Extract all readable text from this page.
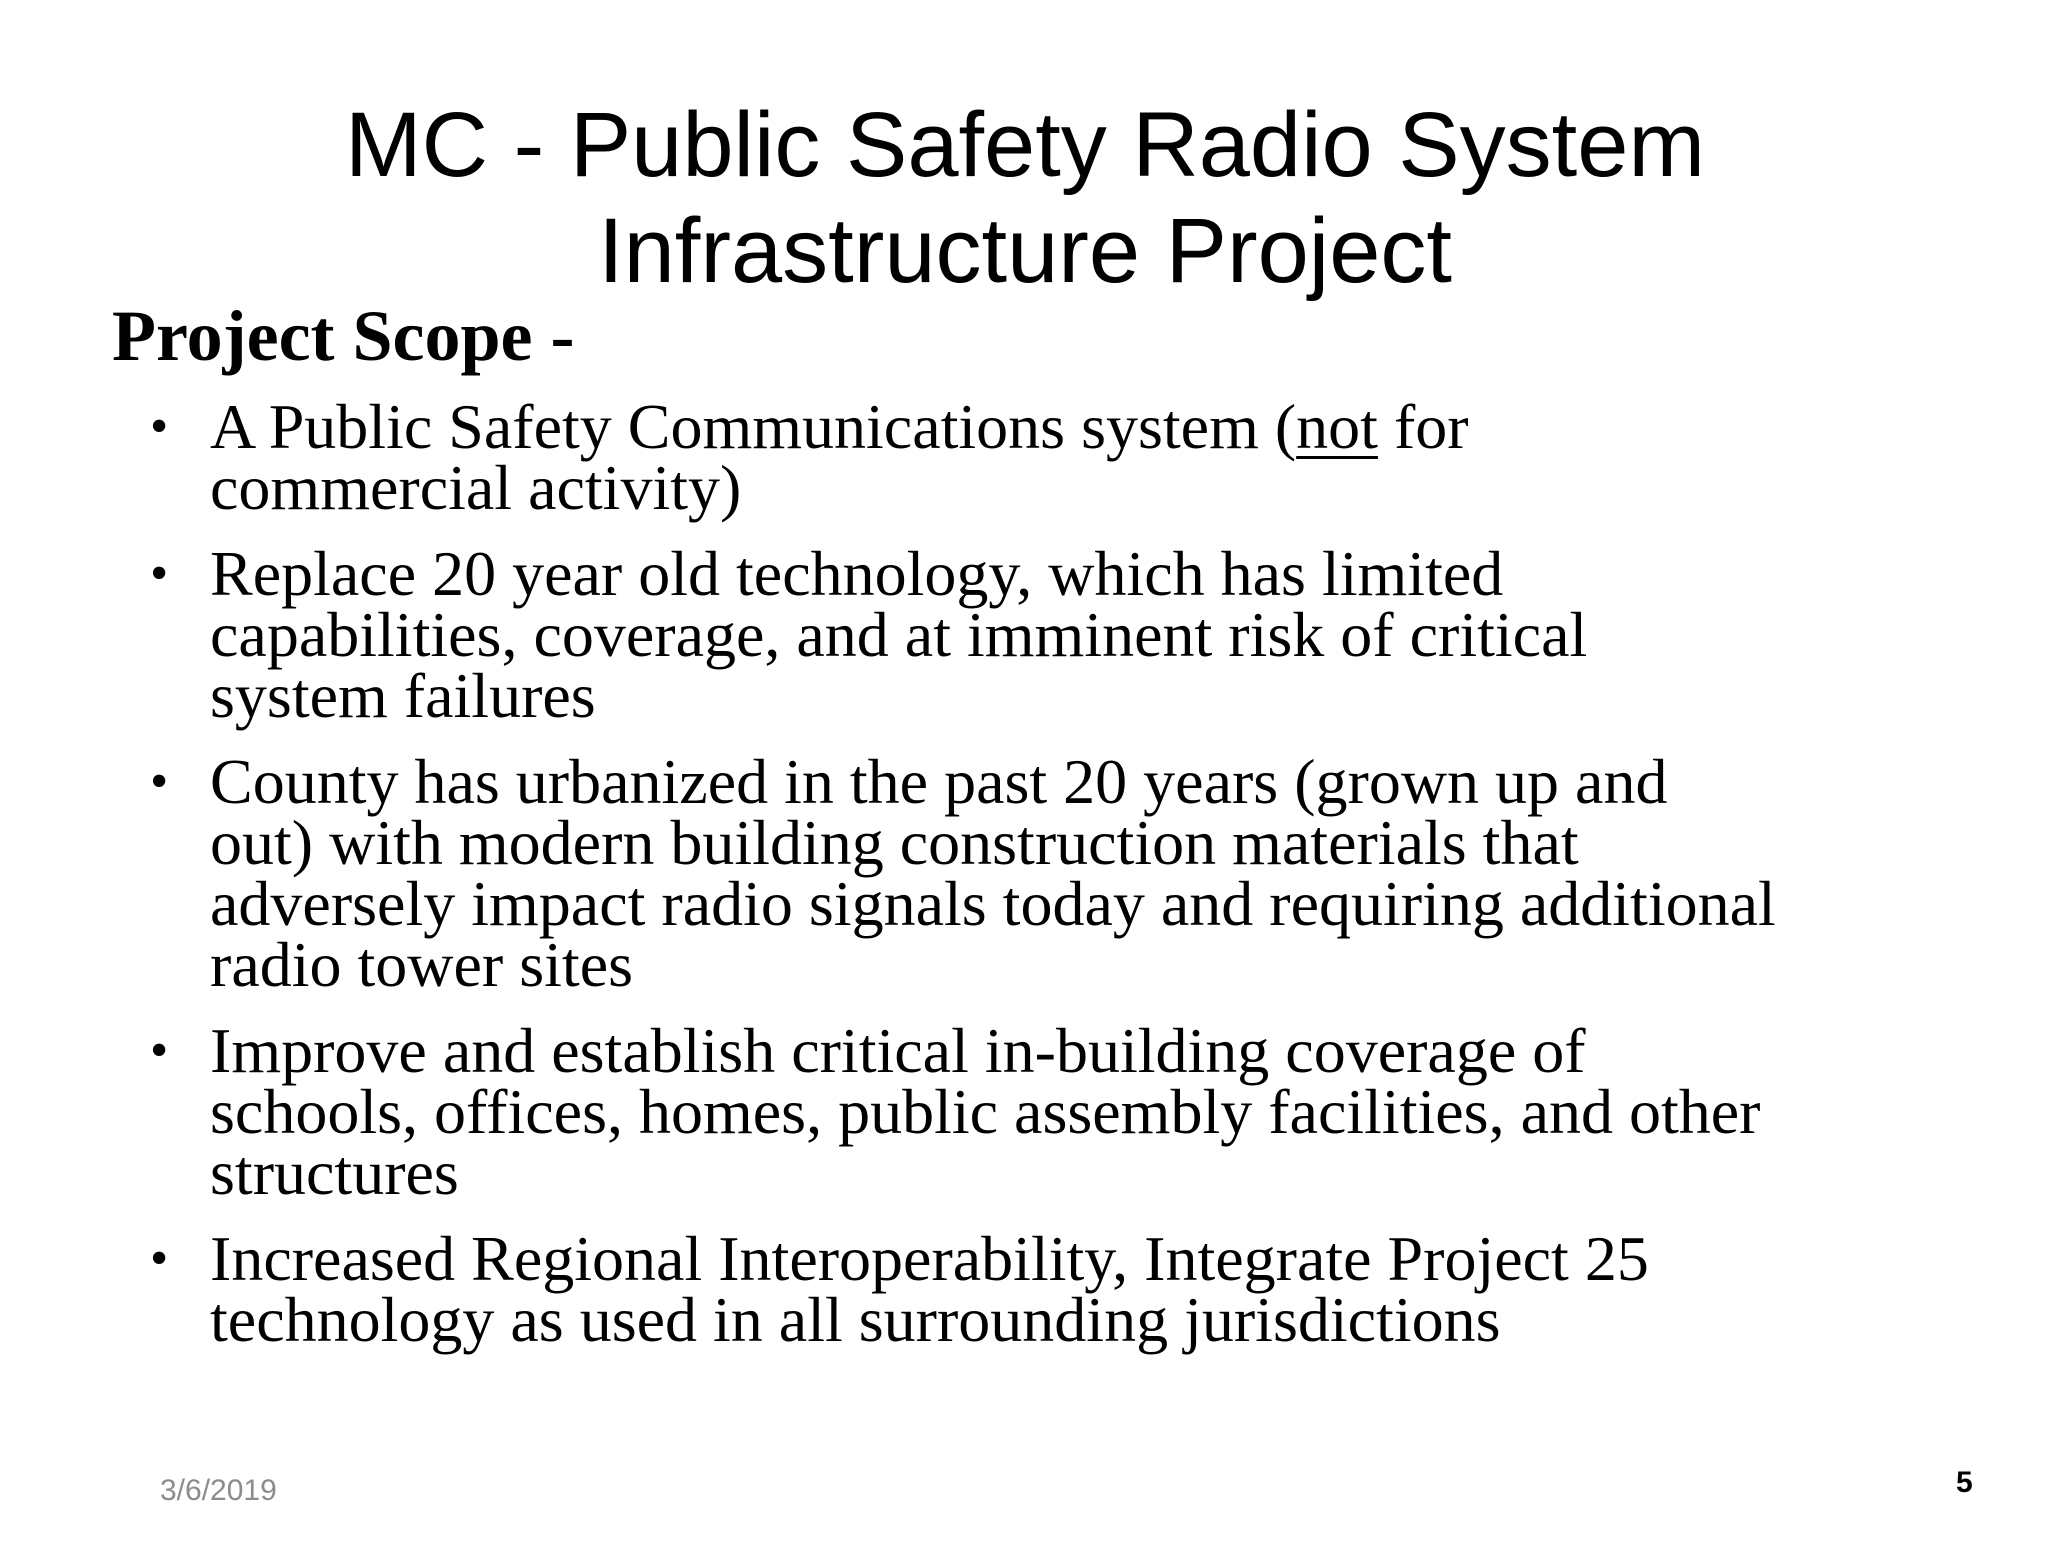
MC - Public Safety Radio System
Infrastructure Project
Project Scope -
• A Public Safety Communications system (not for
commercial activity)
• Replace 20 year old technology, which has limited
capabilities, coverage, and at imminent risk of critical
system failures
• County has urbanized in the past 20 years (grown up and
out) with modern building construction materials that
adversely impact radio signals today and requiring additional
radio tower sites
• Improve and establish critical in-building coverage of
schools, offices, homes, public assembly facilities, and other
structures
• Increased Regional Interoperability, Integrate Project 25
technology as used in all surrounding jurisdictions
3/6/2019	5
